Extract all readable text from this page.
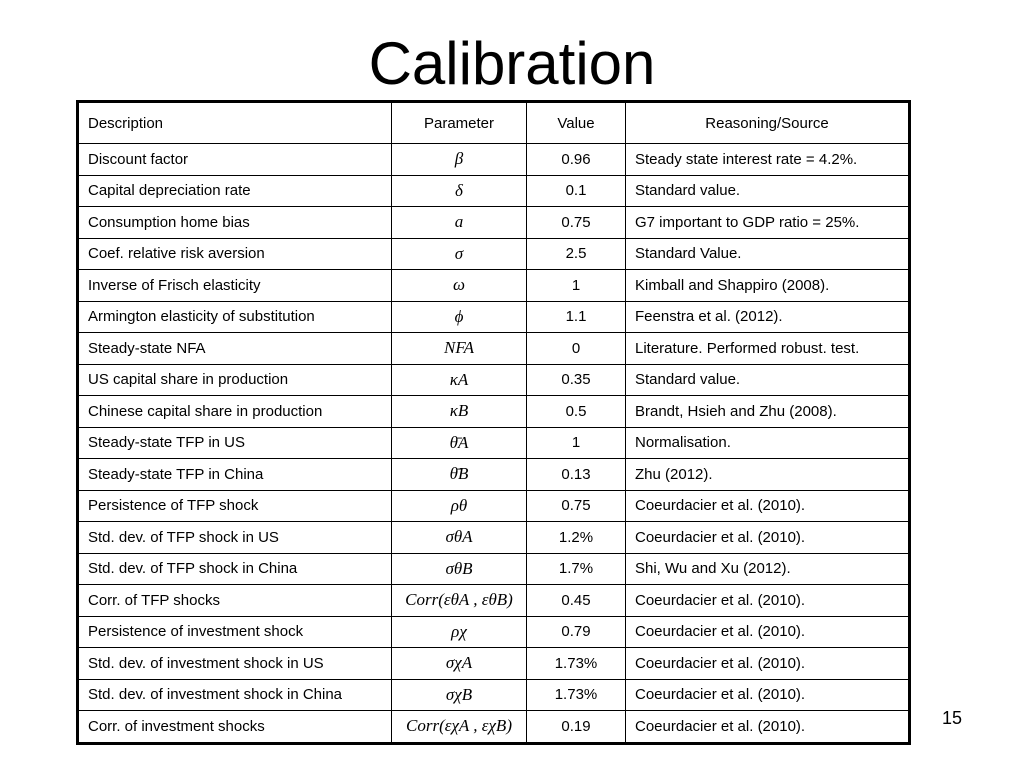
Calibration
Description	Parameter	Value	Reasoning/Source
Discount factor	β	0.96	Steady state interest rate = 4.2%.
Capital depreciation rate	δ	0.1	Standard value.
Consumption home bias	a	0.75	G7 important to GDP ratio = 25%.
Coef. relative risk aversion	σ	2.5	Standard Value.
Inverse of Frisch elasticity	ω	1	Kimball and Shappiro (2008).
Armington elasticity of substitution	ϕ	1.1	Feenstra et al. (2012).
Steady-state NFA	NFA	0	Literature. Performed robust. test.
US capital share in production	κA	0.35	Standard value.
Chinese capital share in production	κB	0.5	Brandt, Hsieh and Zhu (2008).
Steady-state TFP in US	θ̄A	1	Normalisation.
Steady-state TFP in China	θ̄B	0.13	Zhu (2012).
Persistence of TFP shock	ρθ	0.75	Coeurdacier et al. (2010).
Std. dev. of TFP shock in US	σθA	1.2%	Coeurdacier et al. (2010).
Std. dev. of TFP shock in China	σθB	1.7%	Shi, Wu and Xu (2012).
Corr. of TFP shocks	Corr(εθA , εθB)	0.45	Coeurdacier et al. (2010).
Persistence of investment shock	ρχ	0.79	Coeurdacier et al. (2010).
Std. dev. of investment shock in US	σχA	1.73%	Coeurdacier et al. (2010).
Std. dev. of investment shock in China	σχB	1.73%	Coeurdacier et al. (2010).
Corr. of investment shocks	Corr(εχA , εχB)	0.19	Coeurdacier et al. (2010).	15
